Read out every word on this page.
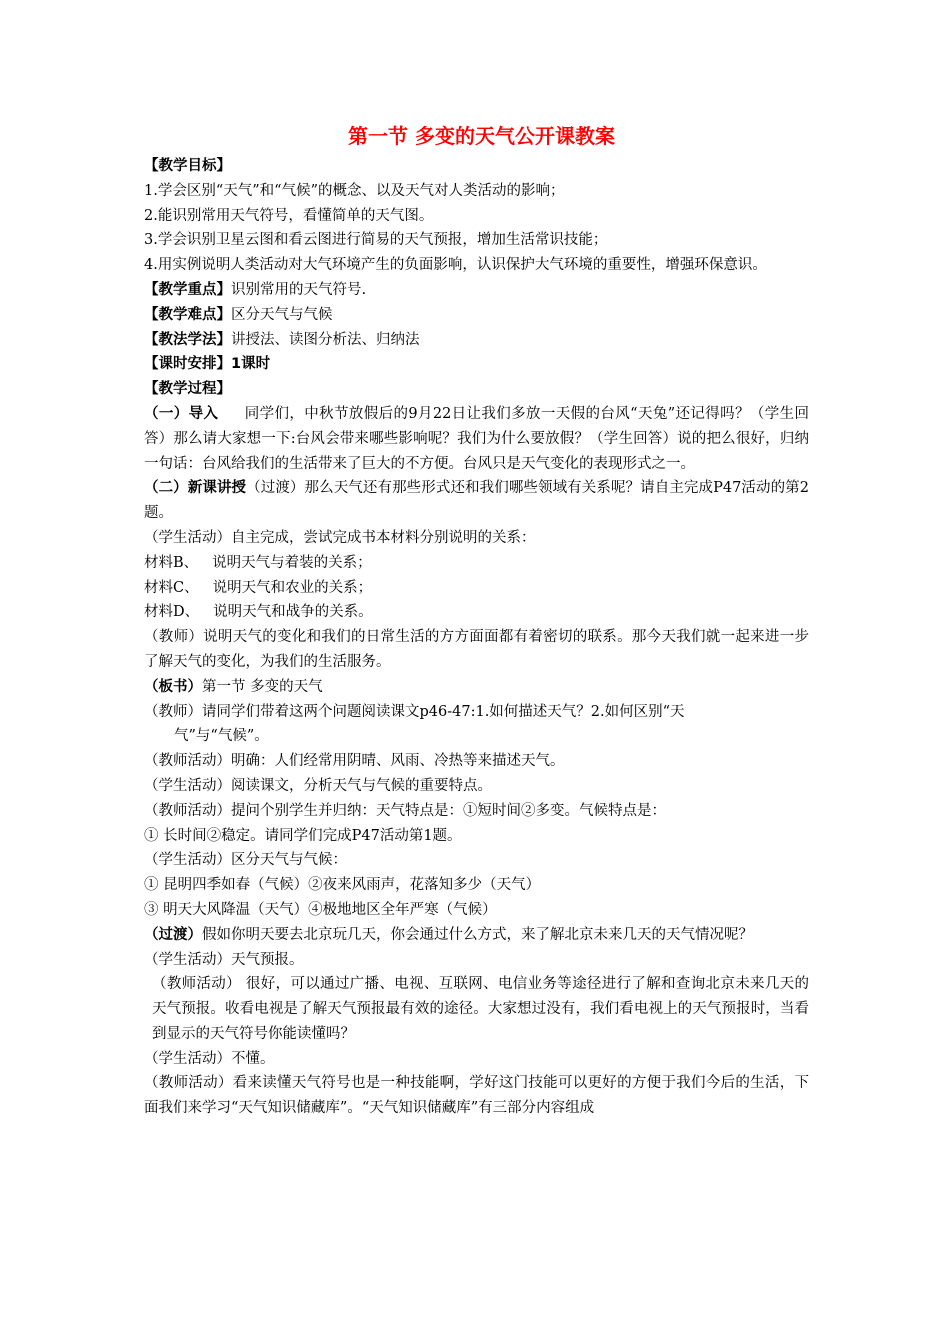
第一节 多变的天气公开课教案

【教学目标】

1.学会区别“天气”和“气候”的概念、以及天气对人类活动的影响；

2.能识别常用天气符号，看懂简单的天气图。

3.学会识别卫星云图和看云图进行简易的天气预报，增加生活常识技能；

4.用实例说明人类活动对大气环境产生的负面影响，认识保护大气环境的重要性，增强环保意识。

【教学重点】识别常用的天气符号.

【教学难点】区分天气与气候

【教法学法】讲授法、读图分析法、归纳法

【课时安排】1课时

【教学过程】

（一）导入 同学们，中秋节放假后的9月22日让我们多放一天假的台风“天兔”还记得吗？（学生回答）那么请大家想一下:台风会带来哪些影响呢？我们为什么要放假？（学生回答）说的把么很好，归纳一句话：台风给我们的生活带来了巨大的不方便。台风只是天气变化的表现形式之一。

（二）新课讲授（过渡）那么天气还有那些形式还和我们哪些领域有关系呢？请自主完成P47活动的第2题。

（学生活动）自主完成，尝试完成书本材料分别说明的关系：

材料B、 说明天气与着装的关系；

材料C、 说明天气和农业的关系；

材料D、 说明天气和战争的关系。

（教师）说明天气的变化和我们的日常生活的方方面面都有着密切的联系。那今天我们就一起来进一步了解天气的变化，为我们的生活服务。

（板书）第一节 多变的天气

（教师）请同学们带着这两个问题阅读课文p46-47:1.如何描述天气？2.如何区别“天

气”与“气候”。

（教师活动）明确：人们经常用阴晴、风雨、冷热等来描述天气。

（学生活动）阅读课文，分析天气与气候的重要特点。

（教师活动）提问个别学生并归纳：天气特点是：①短时间②多变。气候特点是：

① 长时间②稳定。请同学们完成P47活动第1题。

（学生活动）区分天气与气候：

① 昆明四季如春（气候）②夜来风雨声，花落知多少（天气）

③ 明天大风降温（天气）④极地地区全年严寒（气候）

（过渡）假如你明天要去北京玩几天，你会通过什么方式，来了解北京未来几天的天气情况呢？

（学生活动）天气预报。

（教师活动） 很好，可以通过广播、电视、互联网、电信业务等途径进行了解和查询北京未来几天的天气预报。收看电视是了解天气预报最有效的途径。大家想过没有，我们看电视上的天气预报时，当看到显示的天气符号你能读懂吗？

（学生活动）不懂。

（教师活动）看来读懂天气符号也是一种技能啊，学好这门技能可以更好的方便于我们今后的生活，下面我们来学习“天气知识储藏库”。“天气知识储藏库”有三部分内容组成
